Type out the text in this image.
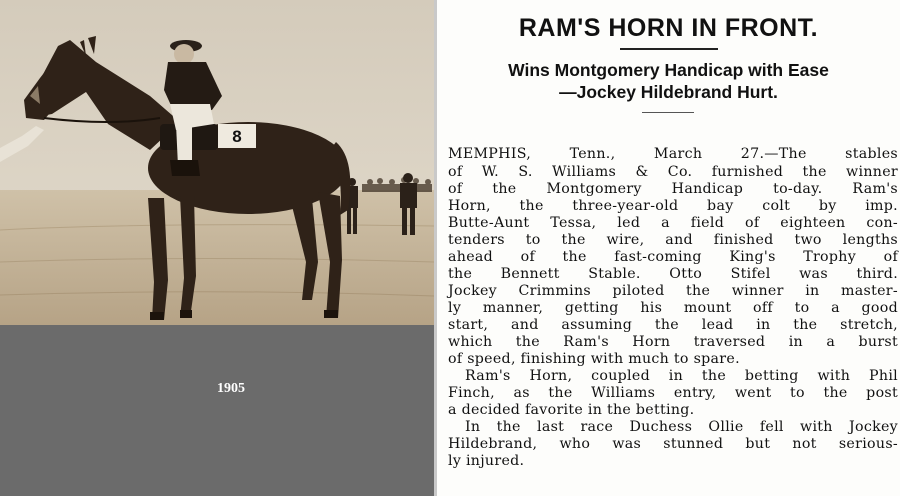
8
1905
RAM'S HORN IN FRONT.
Wins Montgomery Handicap with Ease
—Jockey Hildebrand Hurt.
MEMPHIS, Tenn., March 27.—The stables
of W. S. Williams & Co. furnished the winner
of the Montgomery Handicap to-day. Ram's
Horn, the three-year-old bay colt by imp.
Butte-Aunt Tessa, led a field of eighteen con-
tenders to the wire, and finished two lengths
ahead of the fast-coming King's Trophy of
the Bennett Stable. Otto Stifel was third.
Jockey Crimmins piloted the winner in master-
ly manner, getting his mount off to a good
start, and assuming the lead in the stretch,
which the Ram's Horn traversed in a burst
of speed, finishing with much to spare.
Ram's Horn, coupled in the betting with Phil
Finch, as the Williams entry, went to the post
a decided favorite in the betting.
In the last race Duchess Ollie fell with Jockey
Hildebrand, who was stunned but not serious-
ly injured.
